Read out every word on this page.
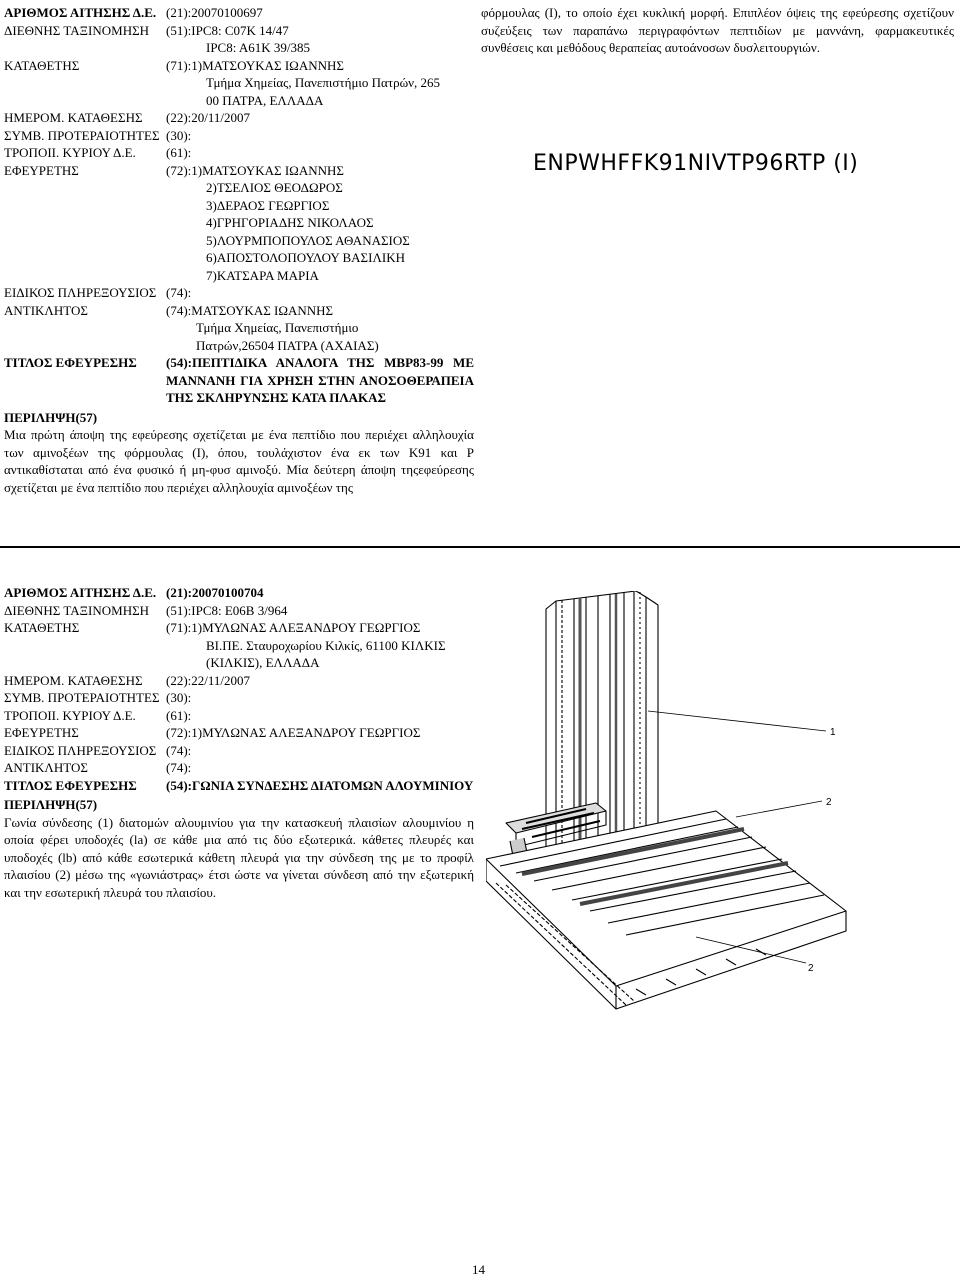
ΑΡΙΘΜΟΣ ΑΙΤΗΣΗΣ Δ.Ε. (21):20070100697
ΔΙΕΘΝΗΣ ΤΑΞΙΝΟΜΗΣΗ	(51):IPC8: C07K 14/47
IPC8: A61K 39/385
ΚΑΤΑΘΕΤΗΣ	(71):1)ΜΑΤΣΟΥΚΑΣ ΙΩΑΝΝΗΣ
Τμήμα Χημείας, Πανεπιστήμιο Πατρών, 265
00 ΠΑΤΡΑ, ΕΛΛΑΔΑ
ΗΜΕΡΟΜ. ΚΑΤΑΘΕΣΗΣ	(22):20/11/2007
ΣΥΜΒ. ΠΡΟΤΕΡΑΙΟΤΗΤΕΣ (30):
ΤΡΟΠΟΙΙ. ΚΥΡΙΟΥ Δ.Ε.	(61):
ΕΦΕΥΡΕΤΗΣ	(72):1)ΜΑΤΣΟΥΚΑΣ ΙΩΑΝΝΗΣ
2)ΤΣΕΛΙΟΣ ΘΕΟΔΩΡΟΣ
3)ΔΕΡΑΟΣ ΓΕΩΡΓΙΟΣ
4)ΓΡΗΓΟΡΙΑΔΗΣ ΝΙΚΟΛΑΟΣ
5)ΛΟΥΡΜΠΟΠΟΥΛΟΣ ΑΘΑΝΑΣΙΟΣ
6)ΑΠΟΣΤΟΛΟΠΟΥΛΟΥ ΒΑΣΙΛΙΚΗ
7)ΚΑΤΣΑΡΑ ΜΑΡΙΑ
ΕΙΔΙΚΟΣ ΠΛΗΡΕΞΟΥΣΙΟΣ (74):
ΑΝΤΙΚΛΗΤΟΣ	(74):ΜΑΤΣΟΥΚΑΣ ΙΩΑΝΝΗΣ
Τμήμα Χημείας, Πανεπιστήμιο
Πατρών,26504 ΠΑΤΡΑ (ΑΧΑΙΑΣ)
ΤΙΤΛΟΣ ΕΦΕΥΡΕΣΗΣ	(54):ΠΕΠΤΙΔΙΚΑ ΑΝΑΛΟΓΑ ΤΗΣ MBP83-99 ΜΕ ΜΑΝΝΑΝΗ ΓΙΑ ΧΡΗΣΗ ΣΤΗΝ ΑΝΟΣΟΘΕΡΑΠΕΙΑ ΤΗΣ ΣΚΛΗΡΥΝΣΗΣ ΚΑΤΑ ΠΛΑΚΑΣ
ΠΕΡΙΛΗΨΗ(57)
Μια πρώτη άποψη της εφεύρεσης σχετίζεται με ένα πεπτίδιο που περιέχει αλληλουχία των αμινοξέων της φόρμουλας (I), όπου, τουλάχιστον ένα εκ των K91 και P αντικαθίσταται από ένα φυσικό ή μη-φυσ αμινοξύ. Μία δεύτερη άποψη τηςεφεύρεσης σχετίζεται με ένα πεπτίδιο που περιέχει αλληλουχία αμινοξέων της
φόρμουλας (I), το οποίο έχει κυκλική μορφή. Επιπλέον όψεις της εφεύρεσης σχετίζουν συζεύξεις των παραπάνω περιγραφόντων πεπτιδίων με μαννάνη, φαρμακευτικές συνθέσεις και μεθόδους θεραπείας αυτοάνοσων δυσλειτουργιών.
ENPWHFFK91NIVTP96RTP (I)
ΑΡΙΘΜΟΣ ΑΙΤΗΣΗΣ Δ.Ε. (21):20070100704
ΔΙΕΘΝΗΣ ΤΑΞΙΝΟΜΗΣΗ	(51):IPC8: E06B 3/964
ΚΑΤΑΘΕΤΗΣ	(71):1)ΜΥΛΩΝΑΣ ΑΛΕΞΑΝΔΡΟΥ ΓΕΩΡΓΙΟΣ
ΒΙ.ΠΕ. Σταυροχωρίου Κιλκίς, 61100 ΚΙΛΚΙΣ
(ΚΙΛΚΙΣ), ΕΛΛΑΔΑ
ΗΜΕΡΟΜ. ΚΑΤΑΘΕΣΗΣ	(22):22/11/2007
ΣΥΜΒ. ΠΡΟΤΕΡΑΙΟΤΗΤΕΣ (30):
ΤΡΟΠΟΙΙ. ΚΥΡΙΟΥ Δ.Ε.	(61):
ΕΦΕΥΡΕΤΗΣ	(72):1)ΜΥΛΩΝΑΣ ΑΛΕΞΑΝΔΡΟΥ ΓΕΩΡΓΙΟΣ
ΕΙΔΙΚΟΣ ΠΛΗΡΕΞΟΥΣΙΟΣ (74):
ΑΝΤΙΚΛΗΤΟΣ	(74):
ΤΙΤΛΟΣ ΕΦΕΥΡΕΣΗΣ	(54):ΓΩΝΙΑ ΣΥΝΔΕΣΗΣ ΔΙΑΤΟΜΩΝ ΑΛΟΥΜΙΝΙΟΥ
ΠΕΡΙΛΗΨΗ(57)
Γωνία σύνδεσης (1) διατομών αλουμινίου για την κατασκευή πλαισίων αλουμινίου η οποία φέρει υποδοχές (la) σε κάθε μια από τις δύο εξωτερικά. κάθετες πλευρές και υποδοχές (lb) από κάθε εσωτερικά κάθετη πλευρά για την σύνδεση της με το προφίλ πλαισίου (2) μέσω της «γωνιάστρας» έτσι ώστε να γίνεται σύνδεση από την εξωτερική και την εσωτερική πλευρά του πλαισίου.
1
2
2
14
